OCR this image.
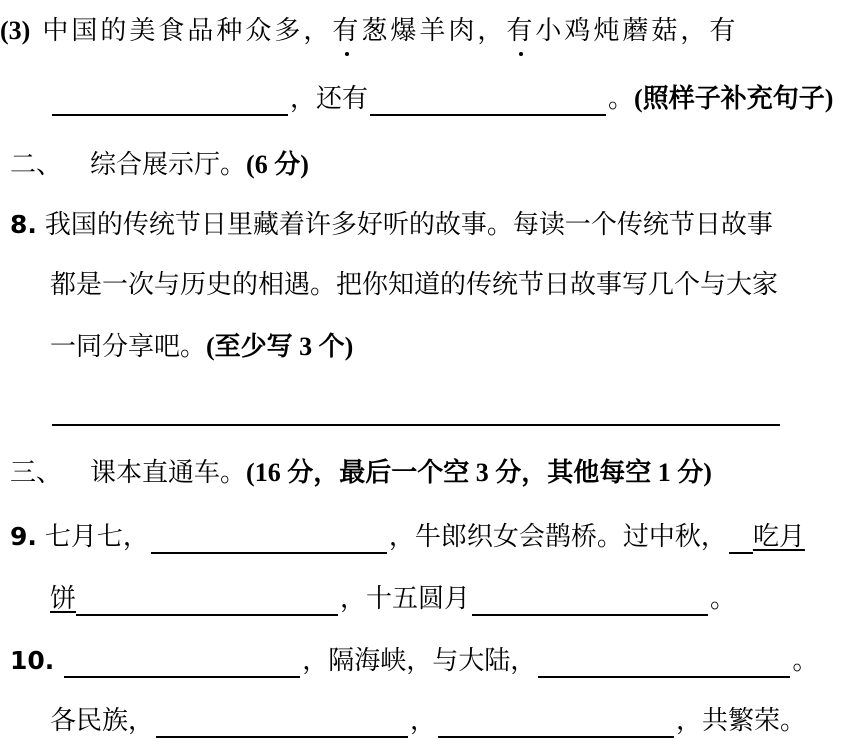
(3) 中国的美食品种众多， 有 葱爆羊肉， 有 小鸡炖蘑菇，有
，还有	。 (照样子补充句子)
二、 综合展示厅。 (6 分)
8 . 我国的传统节日里藏着许多好听的故事。每读一个传统节日故事
都是一次与历史的相遇。把你知道的传统节日故事写几个与大家
一同分享吧。 (至少写 3 个)
三、 课本直通车。 (16 分，最后一个空 3 分，其他每空 1 分)
9 . 七月七，	，牛郎织女会鹊桥。过中秋， 吃月
饼	，十五圆月	。
10 .	，隔海峡，与大陆，	。
各民族，	，	，共繁荣。
